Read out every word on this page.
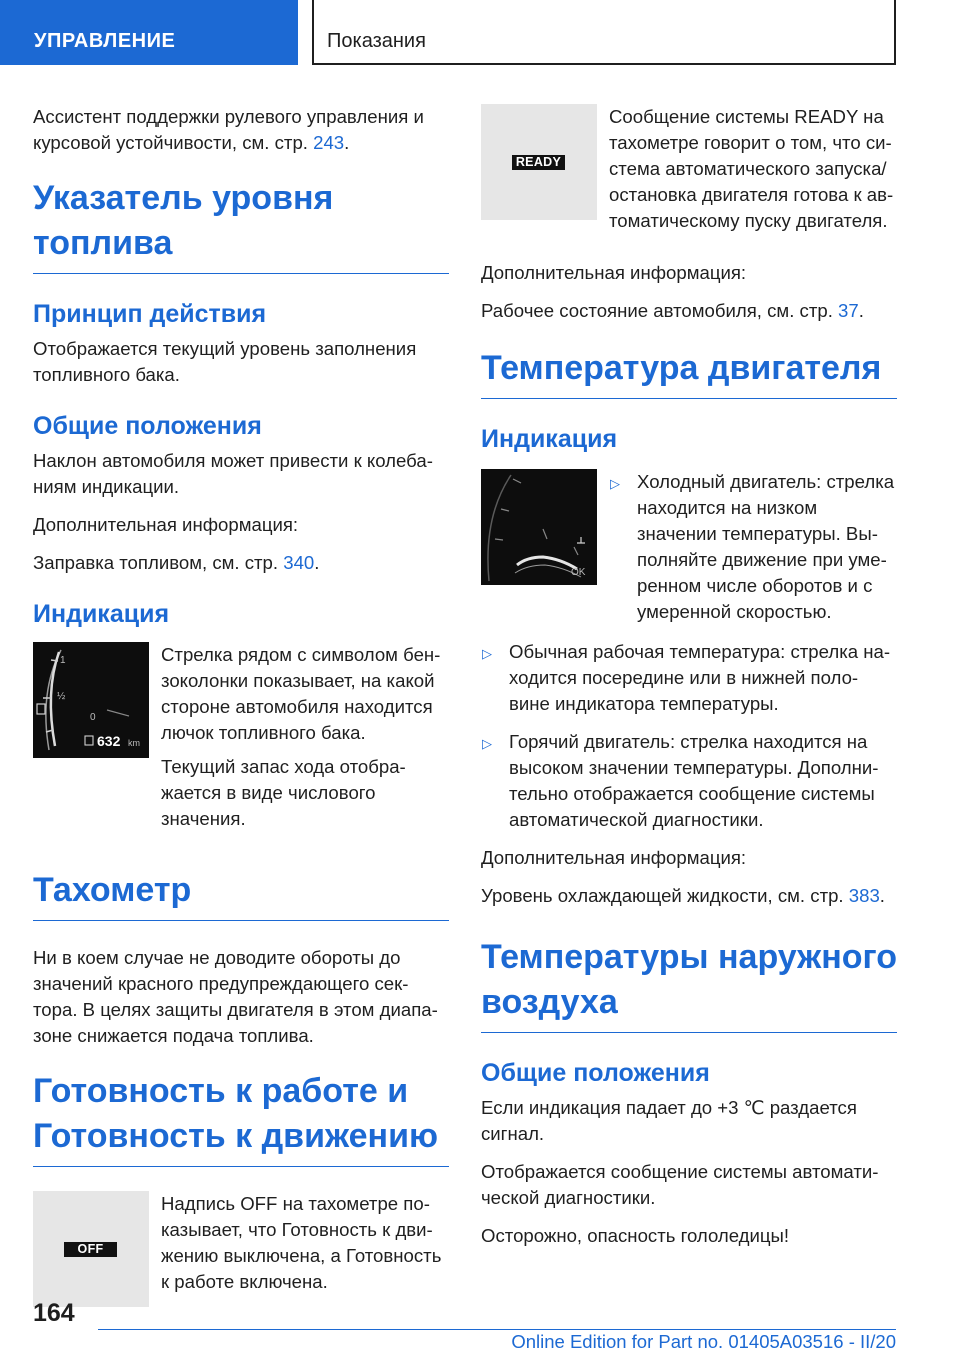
УПРАВЛЕНИЕ	Показания

Ассистент поддержки рулевого управления и курсовой устойчивости, см. стр. 243.

Указатель уровня топлива
Принцип действия

Отображается текущий уровень заполнения топливного бака.

Общие положения

Наклон автомобиля может привести к колеба-ниям индикации.

Дополнительная информация:

Заправка топливом, см. стр. 340.

Индикация
1
½
0
632 km

Стрелка рядом с символом бен-зоколонки показывает, на какой стороне автомобиля находится лючок топливного бака.

Текущий запас хода отобра-жается в виде числового значения.

Тахометр

Ни в коем случае не доводите обороты до значений красного предупреждающего сек-тора. В целях защиты двигателя в этом диапа-зоне снижается подача топлива.

Готовность к работе и Готовность к движению
OFF

Надпись OFF на тахометре по-казывает, что Готовность к дви-жению выключена, а Готовность к работе включена.

READY

Сообщение системы READY на тахометре говорит о том, что си-стема автоматического запуска/остановка двигателя готова к ав-томатическому пуску двигателя.

Дополнительная информация:

Рабочее состояние автомобиля, см. стр. 37.

Температура двигателя
Индикация
OK
▷ Холодный двигатель: стрелка находится на низком значении температуры. Вы-полняйте движение при уме-ренном числе оборотов и с умеренной скоростью.
▷ Обычная рабочая температура: стрелка на-ходится посередине или в нижней поло-вине индикатора температуры.
▷ Горячий двигатель: стрелка находится на высоком значении температуры. Дополни-тельно отображается сообщение системы автоматической диагностики.

Дополнительная информация:

Уровень охлаждающей жидкости, см. стр. 383.

Температуры наружного воздуха
Общие положения

Если индикация падает до +3 ℃ раздается сигнал.

Отображается сообщение системы автомати-ческой диагностики.

Осторожно, опасность гололедицы!

164
Online Edition for Part no. 01405A03516 - II/20
